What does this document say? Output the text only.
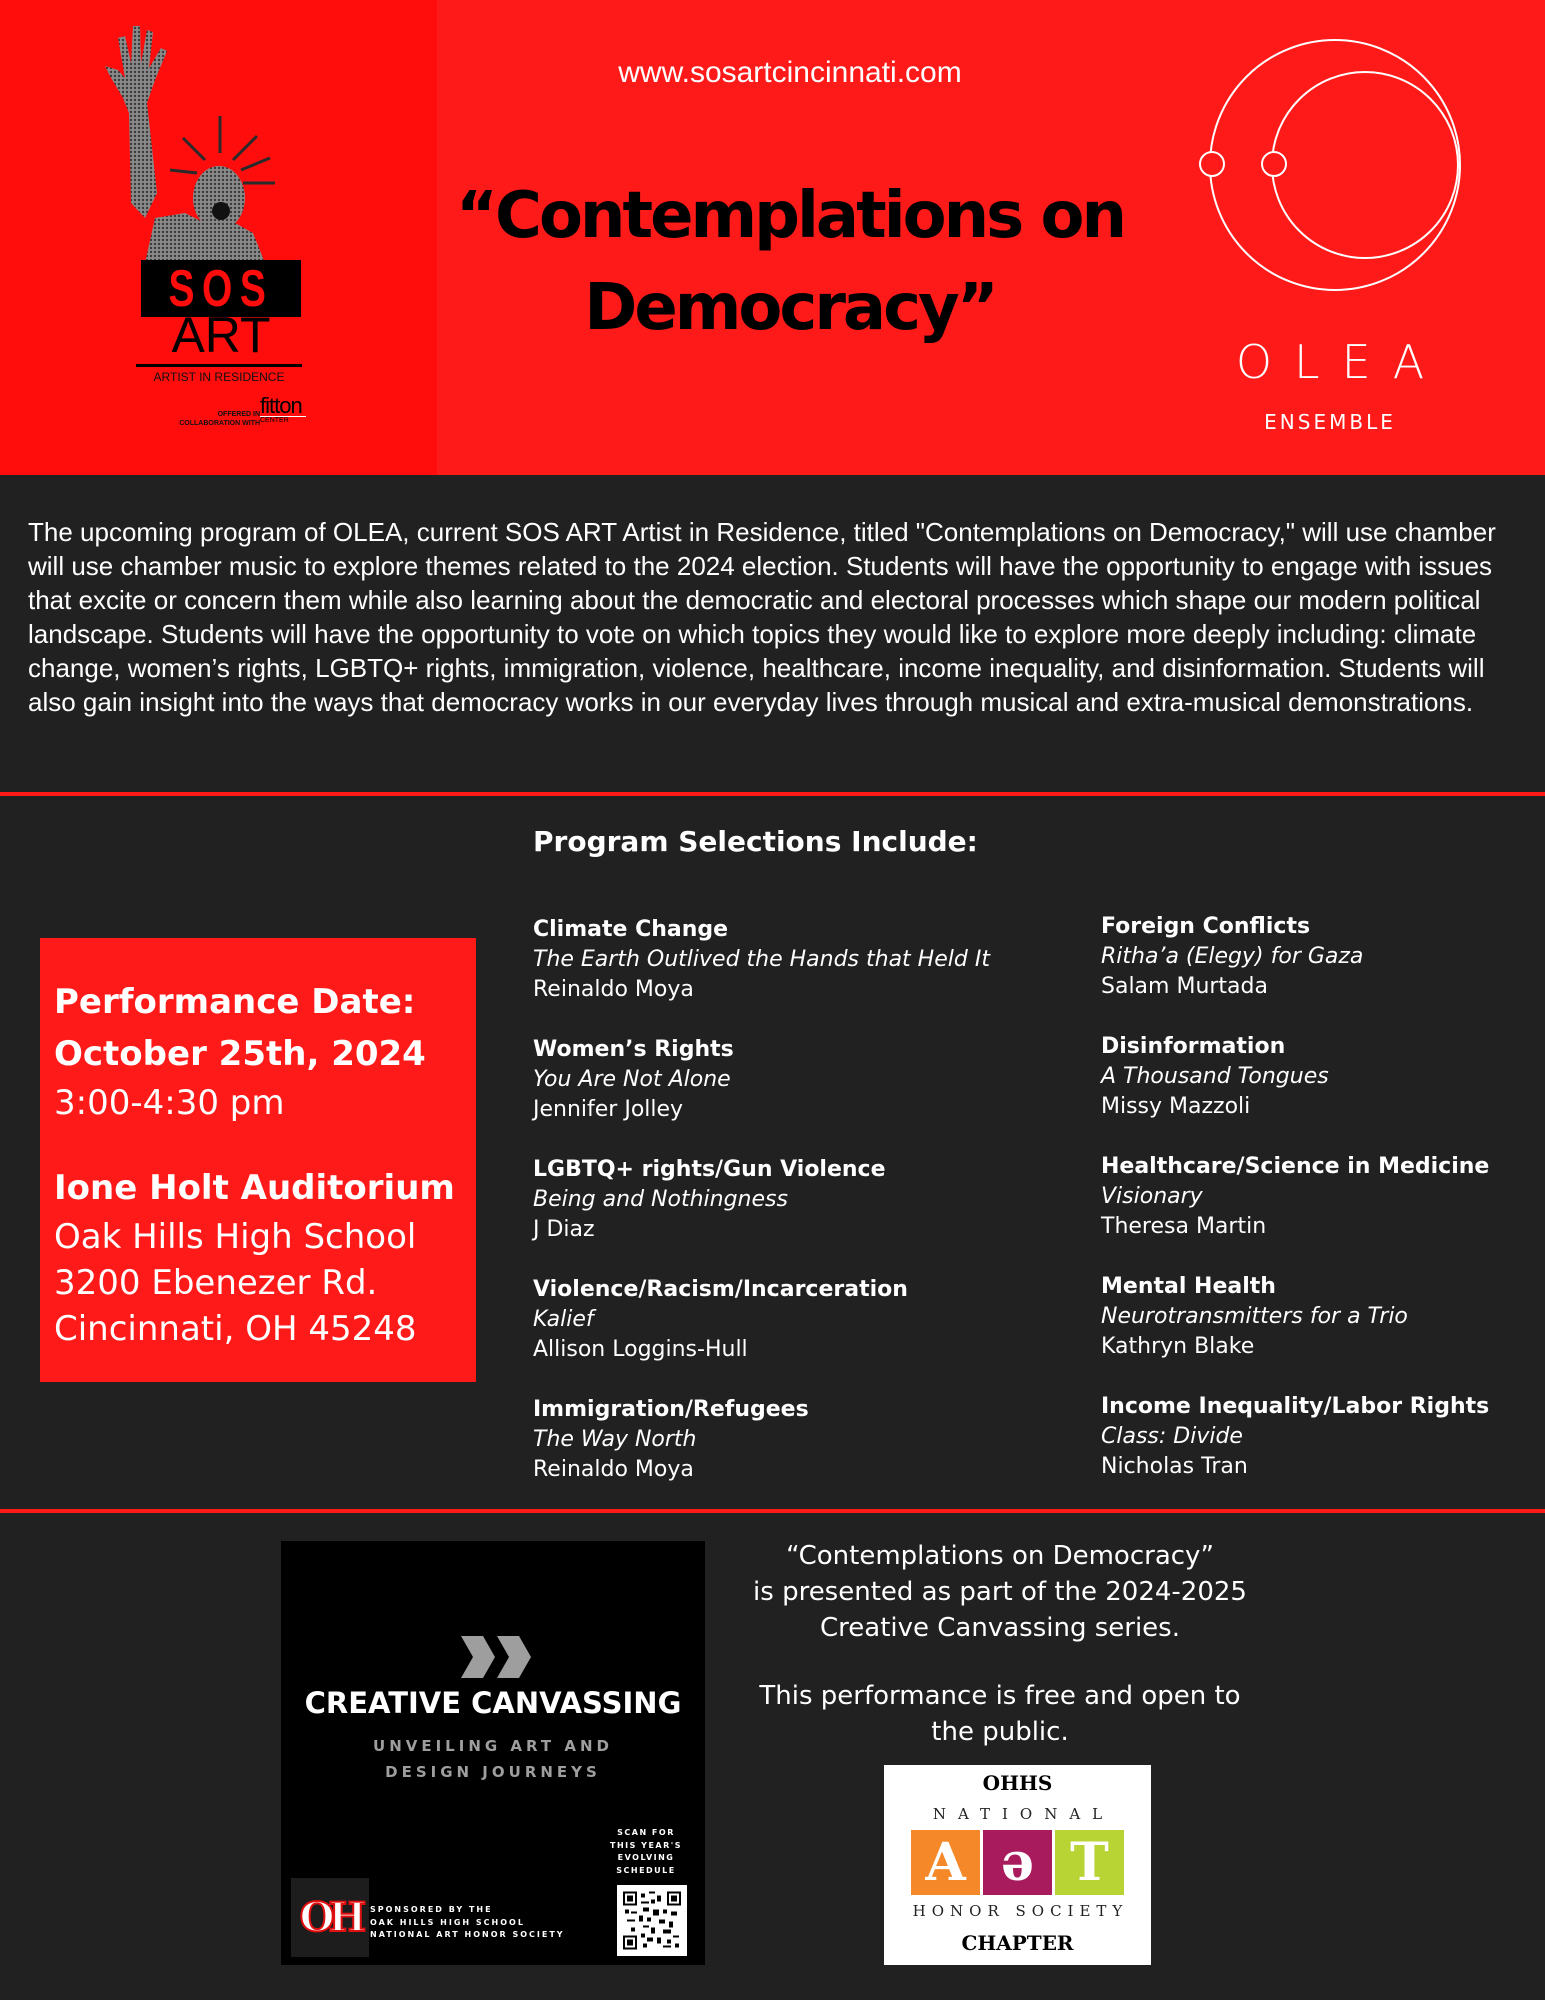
SOS
ART
ARTIST IN RESIDENCE
OFFERED IN
COLLABORATION WITH
fitton
CENTER
www.sosartcincinnati.com
“Contemplations on
Democracy”
OLEA
ENSEMBLE

The upcoming program of OLEA, current SOS ART Artist in Residence, titled "Contemplations on Democracy," will use chamber will use chamber music to explore themes related to the 2024 election. Students will have the opportunity to engage with issues that excite or concern them while also learning about the democratic and electoral processes which shape our modern political landscape. Students will have the opportunity to vote on which topics they would like to explore more deeply including: climate change, women’s rights, LGBTQ+ rights, immigration, violence, healthcare, income inequality, and disinformation. Students will also gain insight into the ways that democracy works in our everyday lives through musical and extra-musical demonstrations.

Program Selections Include:
Performance Date:
October 25th, 2024
3:00-4:30 pm
Ione Holt Auditorium
Oak Hills High School
3200 Ebenezer Rd.
Cincinnati, OH 45248
Climate Change
The Earth Outlived the Hands that Held It
Reinaldo Moya
Women’s Rights
You Are Not Alone
Jennifer Jolley
LGBTQ+ rights/Gun Violence
Being and Nothingness
J Diaz
Violence/Racism/Incarceration
Kalief
Allison Loggins-Hull
Immigration/Refugees
The Way North
Reinaldo Moya
Foreign Conflicts
Ritha’a (Elegy) for Gaza
Salam Murtada
Disinformation
A Thousand Tongues
Missy Mazzoli
Healthcare/Science in Medicine
Visionary
Theresa Martin
Mental Health
Neurotransmitters for a Trio
Kathryn Blake
Income Inequality/Labor Rights
Class: Divide
Nicholas Tran
CREATIVE CANVASSING
UNVEILING ART AND
DESIGN JOURNEYS
SCAN FOR
THIS YEAR'S
EVOLVING
SCHEDULE
OH SPONSORED BY THE
OAK HILLS HIGH SCHOOL
NATIONAL ART HONOR SOCIETY
“Contemplations on Democracy”
is presented as part of the 2024-2025
Creative Canvassing series.
This performance is free and open to
the public.
OHHS
NATIONAL
A ə T
HONOR SOCIETY
CHAPTER
